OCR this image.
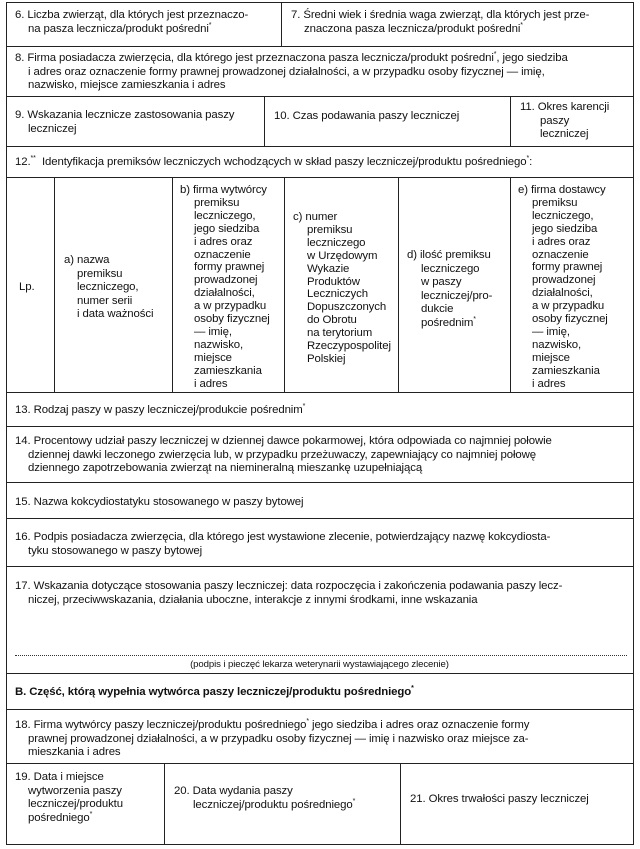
6. Liczba zwierząt, dla których jest przeznaczo-
na pasza lecznicza/produkt pośredni*
7. Średni wiek i średnia waga zwierząt, dla których jest prze-
znaczona pasza lecznicza/produkt pośredni*
8. Firma posiadacza zwierzęcia, dla którego jest przeznaczona pasza lecznicza/produkt pośredni*, jego siedziba
i adres oraz oznaczenie formy prawnej prowadzonej działalności, a w przypadku osoby fizycznej — imię,
nazwisko, miejsce zamieszkania i adres
9. Wskazania lecznicze zastosowania paszy
leczniczej
10. Czas podawania paszy leczniczej
11. Okres karencji
paszy
leczniczej
12.** Identyfikacja premiksów leczniczych wchodzących w skład paszy leczniczej/produktu pośredniego*:
Lp.
a) nazwa
premiksu
leczniczego,
numer serii
i data ważności
b) firma wytwórcy
premiksu
leczniczego,
jego siedziba
i adres oraz
oznaczenie
formy prawnej
prowadzonej
działalności,
a w przypadku
osoby fizycznej
— imię,
nazwisko,
miejsce
zamieszkania
i adres
c) numer
premiksu
leczniczego
w Urzędowym
Wykazie
Produktów
Leczniczych
Dopuszczonych
do Obrotu
na terytorium
Rzeczypospolitej
Polskiej
d) ilość premiksu
leczniczego
w paszy
leczniczej/pro-
dukcie
pośrednim*
e) firma dostawcy
premiksu
leczniczego,
jego siedziba
i adres oraz
oznaczenie
formy prawnej
prowadzonej
działalności,
a w przypadku
osoby fizycznej
— imię,
nazwisko,
miejsce
zamieszkania
i adres
13. Rodzaj paszy w paszy leczniczej/produkcie pośrednim*
14. Procentowy udział paszy leczniczej w dziennej dawce pokarmowej, która odpowiada co najmniej połowie
dziennej dawki leczonego zwierzęcia lub, w przypadku przeżuwaczy, zapewniający co najmniej połowę
dziennego zapotrzebowania zwierząt na niemineralną mieszankę uzupełniającą
15. Nazwa kokcydiostatyku stosowanego w paszy bytowej
16. Podpis posiadacza zwierzęcia, dla którego jest wystawione zlecenie, potwierdzający nazwę kokcydiosta-
tyku stosowanego w paszy bytowej
17. Wskazania dotyczące stosowania paszy leczniczej: data rozpoczęcia i zakończenia podawania paszy lecz-
niczej, przeciwwskazania, działania uboczne, interakcje z innymi środkami, inne wskazania
(podpis i pieczęć lekarza weterynarii wystawiającego zlecenie)
B. Część, którą wypełnia wytwórca paszy leczniczej/produktu pośredniego*
18. Firma wytwórcy paszy leczniczej/produktu pośredniego* jego siedziba i adres oraz oznaczenie formy
prawnej prowadzonej działalności, a w przypadku osoby fizycznej — imię i nazwisko oraz miejsce za-
mieszkania i adres
19. Data i miejsce
wytworzenia paszy
leczniczej/produktu
pośredniego*
20. Data wydania paszy
leczniczej/produktu pośredniego*	21. Okres trwałości paszy leczniczej
